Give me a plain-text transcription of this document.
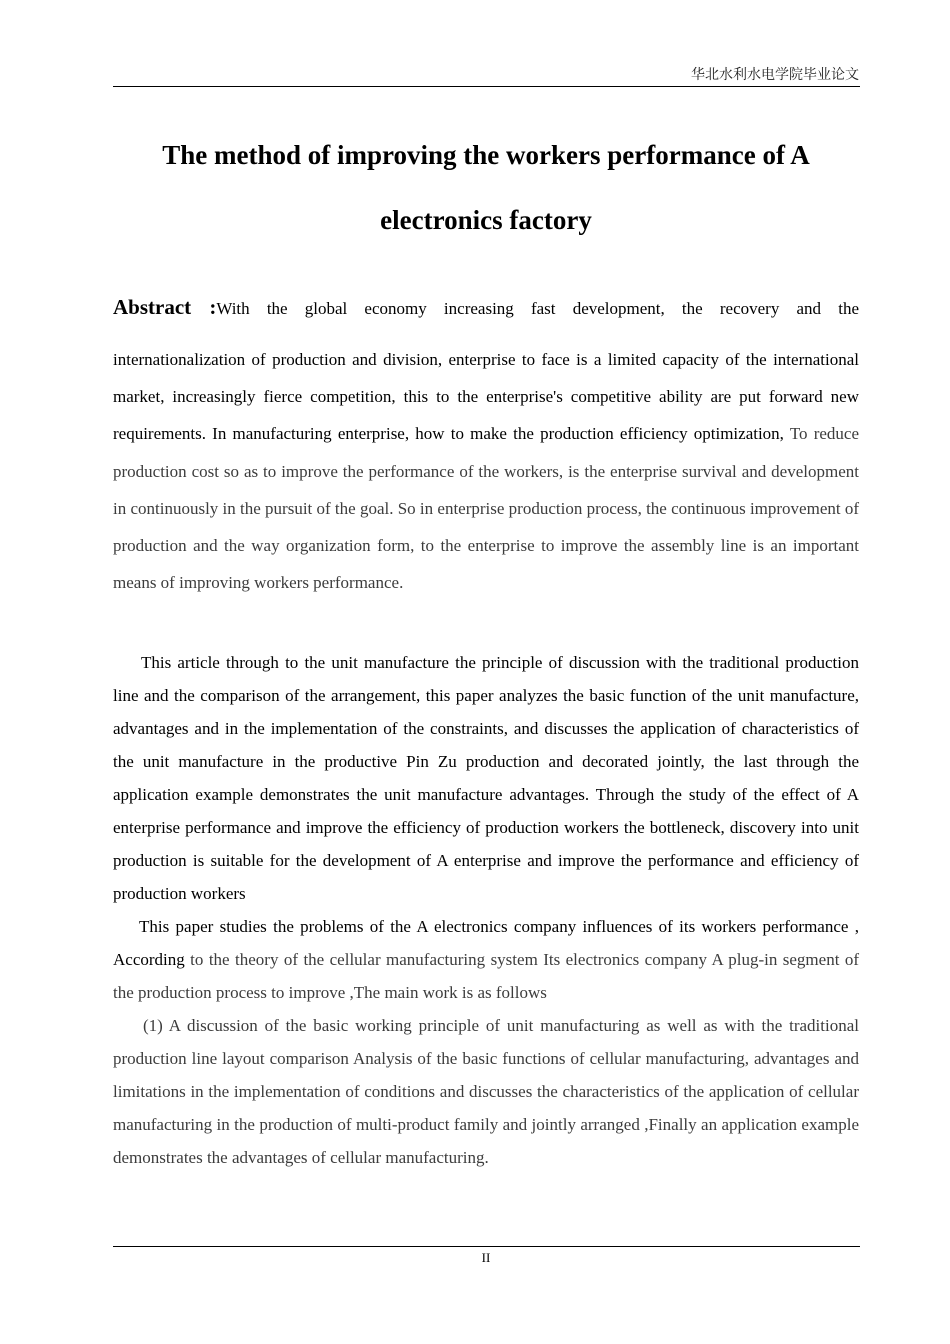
华北水利水电学院毕业论文
The method of improving the workers performance of A
electronics factory
Abstract :With the global economy increasing fast development, the recovery and the
internationalization of production and division, enterprise to face is a limited capacity of the international market, increasingly fierce competition, this to the enterprise's competitive ability are put forward new requirements. In manufacturing enterprise, how to make the production efficiency optimization, To reduce production cost so as to improve the performance of the workers, is the enterprise survival and development in continuously in the pursuit of the goal. So in enterprise production process, the continuous improvement of production and the way organization form, to the enterprise to improve the assembly line is an important means of improving workers performance.
This article through to the unit manufacture the principle of discussion with the traditional production line and the comparison of the arrangement, this paper analyzes the basic function of the unit manufacture, advantages and in the implementation of the constraints, and discusses the application of characteristics of the unit manufacture in the productive Pin Zu production and decorated jointly, the last through the application example demonstrates the unit manufacture advantages. Through the study of the effect of A enterprise performance and improve the efficiency of production workers the bottleneck, discovery into unit production is suitable for the development of A enterprise and improve the performance and efficiency of production workers
This paper studies the problems of the A electronics company influences of its workers performance , According to the theory of the cellular manufacturing system Its electronics company A plug-in segment of the production process to improve ,The main work is as follows
(1) A discussion of the basic working principle of unit manufacturing as well as with the traditional production line layout comparison Analysis of the basic functions of cellular manufacturing, advantages and limitations in the implementation of conditions and discusses the characteristics of the application of cellular manufacturing in the production of multi-product family and jointly arranged ,Finally an application example demonstrates the advantages of cellular manufacturing.
II
